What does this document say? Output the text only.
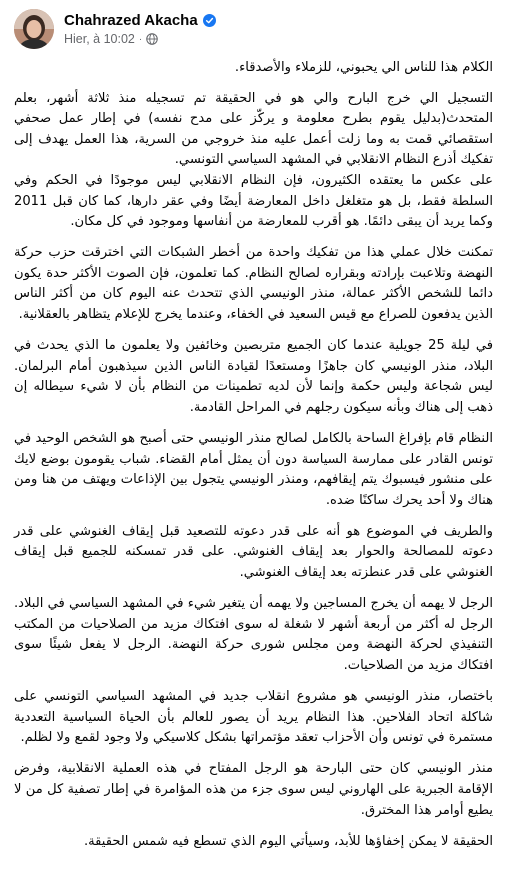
Chahrazed Akacha
Hier, à 10:02 ·

الكلام هذا للناس الي يحبوني، للزملاء والأصدقاء.

التسجيل الي خرج البارح والي هو في الحقيقة تم تسجيله منذ ثلاثة أشهر، بعلم المتحدث(بدليل يقوم بطرح معلومة و يركّز على مدح نفسه) في إطار عمل صحفي استقصائي قمت به وما زلت أعمل عليه منذ خروجي من السرية، هذا العمل يهدف إلى تفكيك أذرع النظام الانقلابي في المشهد السياسي التونسي.

على عكس ما يعتقده الكثيرون، فإن النظام الانقلابي ليس موجودًا في الحكم وفي السلطة فقط، بل هو متغلغل داخل المعارضة أيضًا وفي عقر دارها، كما كان قبل 2011 وكما يريد أن يبقى دائمًا. هو أقرب للمعارضة من أنفاسها وموجود في كل مكان.

تمكنت خلال عملي هذا من تفكيك واحدة من أخطر الشبكات التي اخترقت حزب حركة النهضة وتلاعبت بإرادته وبقراره لصالح النظام. كما تعلمون، فإن الصوت الأكثر حدة يكون دائما للشخص الأكثر عمالة، منذر الونيسي الذي تتحدث عنه اليوم كان من أكثر الناس الذين يدفعون للصراع مع قيس السعيد في الخفاء، وعندما يخرج للإعلام يتظاهر بالعقلانية.

في ليلة 25 جويلية عندما كان الجميع متربصين وخائفين ولا يعلمون ما الذي يحدث في البلاد، منذر الونيسي كان جاهزًا ومستعدًا لقيادة الناس الذين سيذهبون أمام البرلمان. ليس شجاعة وليس حكمة وإنما لأن لديه تطمينات من النظام بأن لا شيء سيطاله إن ذهب إلى هناك وبأنه سيكون رجلهم في المراحل القادمة.

النظام قام بإفراغ الساحة بالكامل لصالح منذر الونيسي حتى أصبح هو الشخص الوحيد في تونس القادر على ممارسة السياسة دون أن يمثل أمام القضاء. شباب يقومون بوضع لايك على منشور فيسبوك يتم إيقافهم، ومنذر الونيسي يتجول بين الإذاعات ويهتف من هنا ومن هناك ولا أحد يحرك ساكنًا ضده.

والطريف في الموضوع هو أنه على قدر دعوته للتصعيد قبل إيقاف الغنوشي على قدر دعوته للمصالحة والحوار بعد إيقاف الغنوشي. على قدر تمسكنه للجميع قبل إيقاف الغنوشي على قدر عنطزته بعد إيقاف الغنوشي.

الرجل لا يهمه أن يخرج المساجين ولا يهمه أن يتغير شيء في المشهد السياسي في البلاد. الرجل له أكثر من أربعة أشهر لا شغلة له سوى افتكاك مزيد من الصلاحيات من المكتب التنفيذي لحركة النهضة ومن مجلس شورى حركة النهضة. الرجل لا يفعل شيئًا سوى افتكاك مزيد من الصلاحيات.

باختصار، منذر الونيسي هو مشروع انقلاب جديد في المشهد السياسي التونسي على شاكلة اتحاد الفلاحين. هذا النظام يريد أن يصور للعالم بأن الحياة السياسية التعددية مستمرة في تونس وأن الأحزاب تعقد مؤتمراتها بشكل كلاسيكي ولا وجود لقمع ولا لظلم.

منذر الونيسي كان حتى البارحة هو الرجل المفتاح في هذه العملية الانقلابية، وفرض الإقامة الجبرية على الهاروني ليس سوى جزء من هذه المؤامرة في إطار تصفية كل من لا يطيع أوامر هذا المخترق.

الحقيقة لا يمكن إخفاؤها للأبد، وسيأتي اليوم الذي تسطع فيه شمس الحقيقة.
